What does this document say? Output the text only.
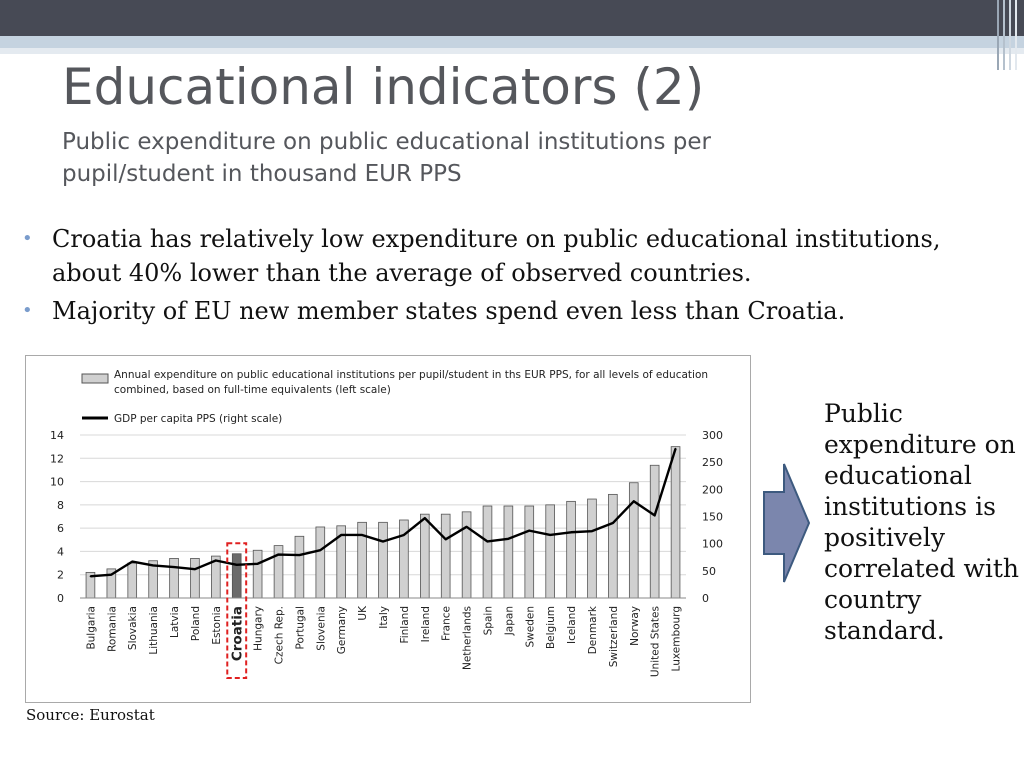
Educational indicators (2)
Public expenditure on public educational institutions per pupil/student in thousand EUR PPS
• Croatia has relatively low expenditure on public educational institutions, about 40% lower than the average of observed countries.
• Majority of EU new member states spend even less than Croatia.
Annual expenditure on public educational institutions per pupil/student in ths EUR PPS, for all levels of education combined, based on full-time equivalents (left scale)
GDP per capita PPS (right scale)
0
2
4
6
8
10
12
14
0
50
100
150
200
250
300
Bulgaria Romania Slovakia Lithuania Latvia Poland Estonia Croatia Hungary Czech Rep. Portugal Slovenia Germany UK Italy Finland Ireland France Netherlands Spain Japan Sweden Belgium Iceland Denmark Switzerland Norway United States Luxembourg
Source: Eurostat
Public expenditure on educational institutions is positively correlated with country standard.
